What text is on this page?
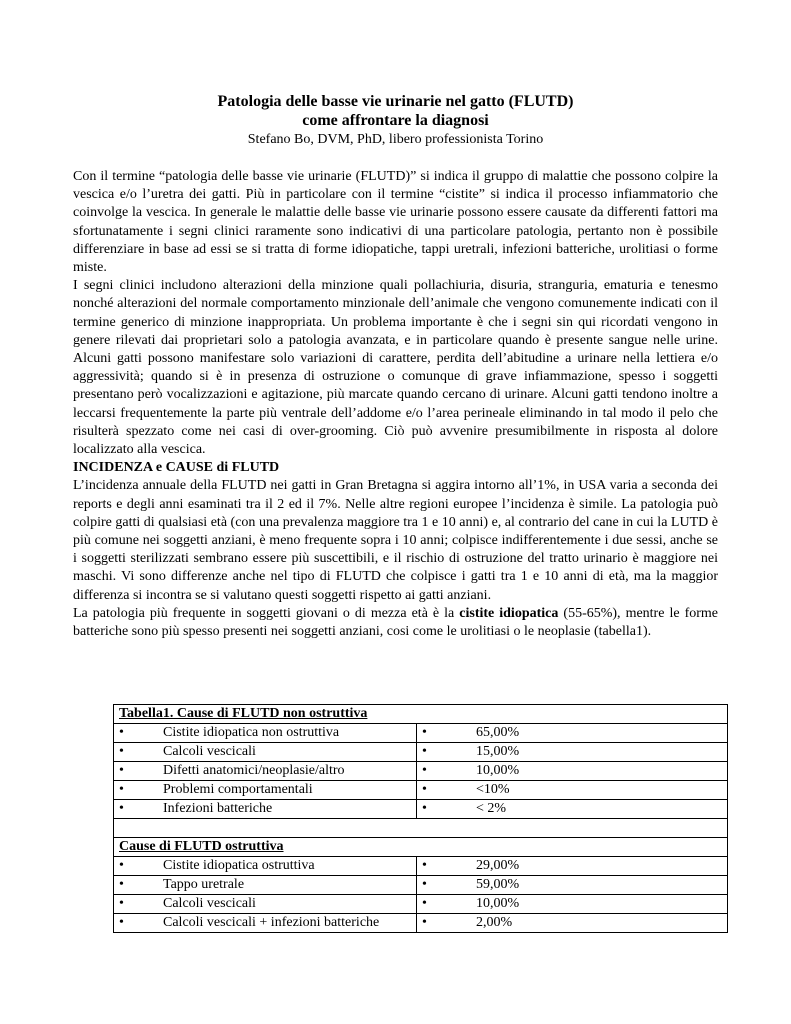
Patologia delle basse vie urinarie nel gatto (FLUTD)
come affrontare la diagnosi
Stefano Bo, DVM, PhD, libero professionista Torino

Con il termine “patologia delle basse vie urinarie (FLUTD)” si indica il gruppo di malattie che possono colpire la vescica e/o l’uretra dei gatti. Più in particolare con il termine “cistite” si indica il processo infiammatorio che coinvolge la vescica. In generale le malattie delle basse vie urinarie possono essere causate da differenti fattori ma sfortunatamente i segni clinici raramente sono indicativi di una particolare patologia, pertanto non è possibile differenziare in base ad essi se si tratta di forme idiopatiche, tappi uretrali, infezioni batteriche, urolitiasi o forme miste.

I segni clinici includono alterazioni della minzione quali pollachiuria, disuria, stranguria, ematuria e tenesmo nonché alterazioni del normale comportamento minzionale dell’animale che vengono comunemente indicati con il termine generico di minzione inappropriata. Un problema importante è che i segni sin qui ricordati vengono in genere rilevati dai proprietari solo a patologia avanzata, e in particolare quando è presente sangue nelle urine. Alcuni gatti possono manifestare solo variazioni di carattere, perdita dell’abitudine a urinare nella lettiera e/o aggressività; quando si è in presenza di ostruzione o comunque di grave infiammazione, spesso i soggetti presentano però vocalizzazioni e agitazione, più marcate quando cercano di urinare. Alcuni gatti tendono inoltre a leccarsi frequentemente la parte più ventrale dell’addome e/o l’area perineale eliminando in tal modo il pelo che risulterà spezzato come nei casi di over-grooming. Ciò può avvenire presumibilmente in risposta al dolore localizzato alla vescica.

INCIDENZA e CAUSE di FLUTD

L’incidenza annuale della FLUTD nei gatti in Gran Bretagna si aggira intorno all’1%, in USA varia a seconda dei reports e degli anni esaminati tra il 2 ed il 7%. Nelle altre regioni europee l’incidenza è simile. La patologia può colpire gatti di qualsiasi età (con una prevalenza maggiore tra 1 e 10 anni) e, al contrario del cane in cui la LUTD è più comune nei soggetti anziani, è meno frequente sopra i 10 anni; colpisce indifferentemente i due sessi, anche se i soggetti sterilizzati sembrano essere più suscettibili, e il rischio di ostruzione del tratto urinario è maggiore nei maschi. Vi sono differenze anche nel tipo di FLUTD che colpisce i gatti tra 1 e 10 anni di età, ma la maggior differenza si incontra se si valutano questi soggetti rispetto ai gatti anziani.

La patologia più frequente in soggetti giovani o di mezza età è la cistite idiopatica (55-65%), mentre le forme batteriche sono più spesso presenti nei soggetti anziani, cosi come le urolitiasi o le neoplasie (tabella1).

Tabella1. Cause di FLUTD non ostruttiva	
• Cistite idiopatica non ostruttiva	• 65,00%
• Calcoli vescicali	• 15,00%
• Difetti anatomici/neoplasie/altro	• 10,00%
• Problemi comportamentali	• <10%
• Infezioni batteriche	• < 2%

Cause di FLUTD ostruttiva	
• Cistite idiopatica ostruttiva	• 29,00%
• Tappo uretrale	• 59,00%
• Calcoli vescicali	• 10,00%
• Calcoli vescicali + infezioni batteriche	• 2,00%
